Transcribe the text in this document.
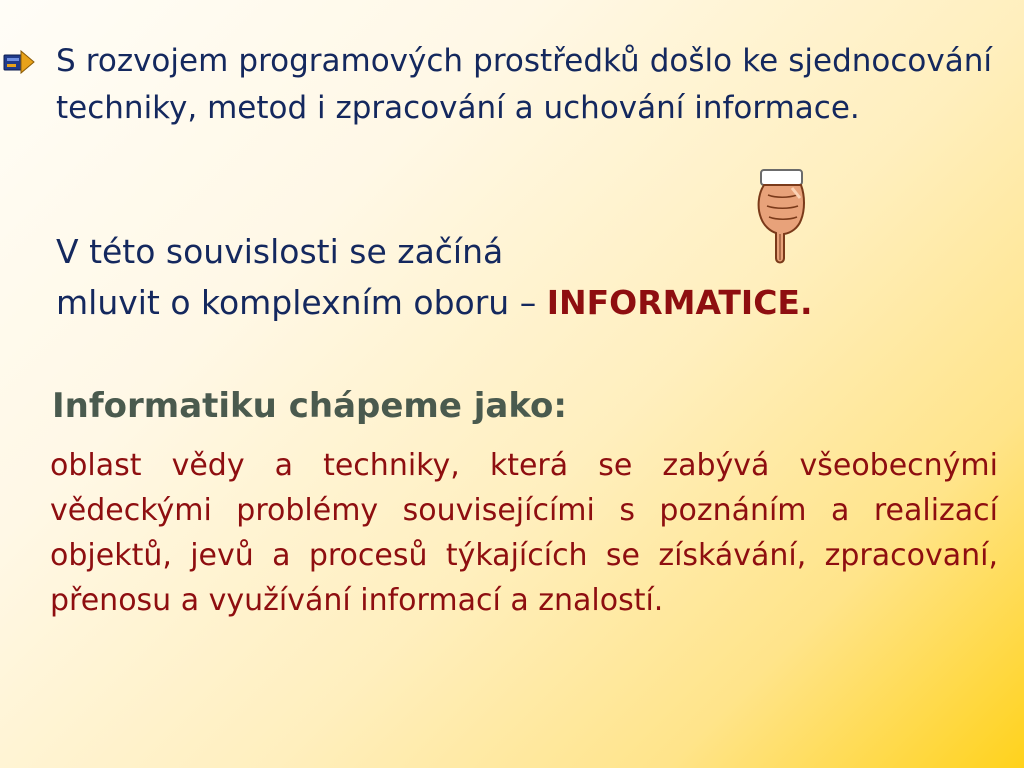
S rozvojem programových prostředků došlo ke sjednocování techniky, metod i zpracování a uchování informace.

V této souvislosti se začíná
mluvit o komplexním oboru – INFORMATICE.

Informatiku chápeme jako:

oblast vědy a techniky, která se zabývá všeobecnými vědeckými problémy souvisejícími s poznáním a realizací objektů, jevů a procesů týkajících se získávání, zpracovaní, přenosu a využívání informací a znalostí.
